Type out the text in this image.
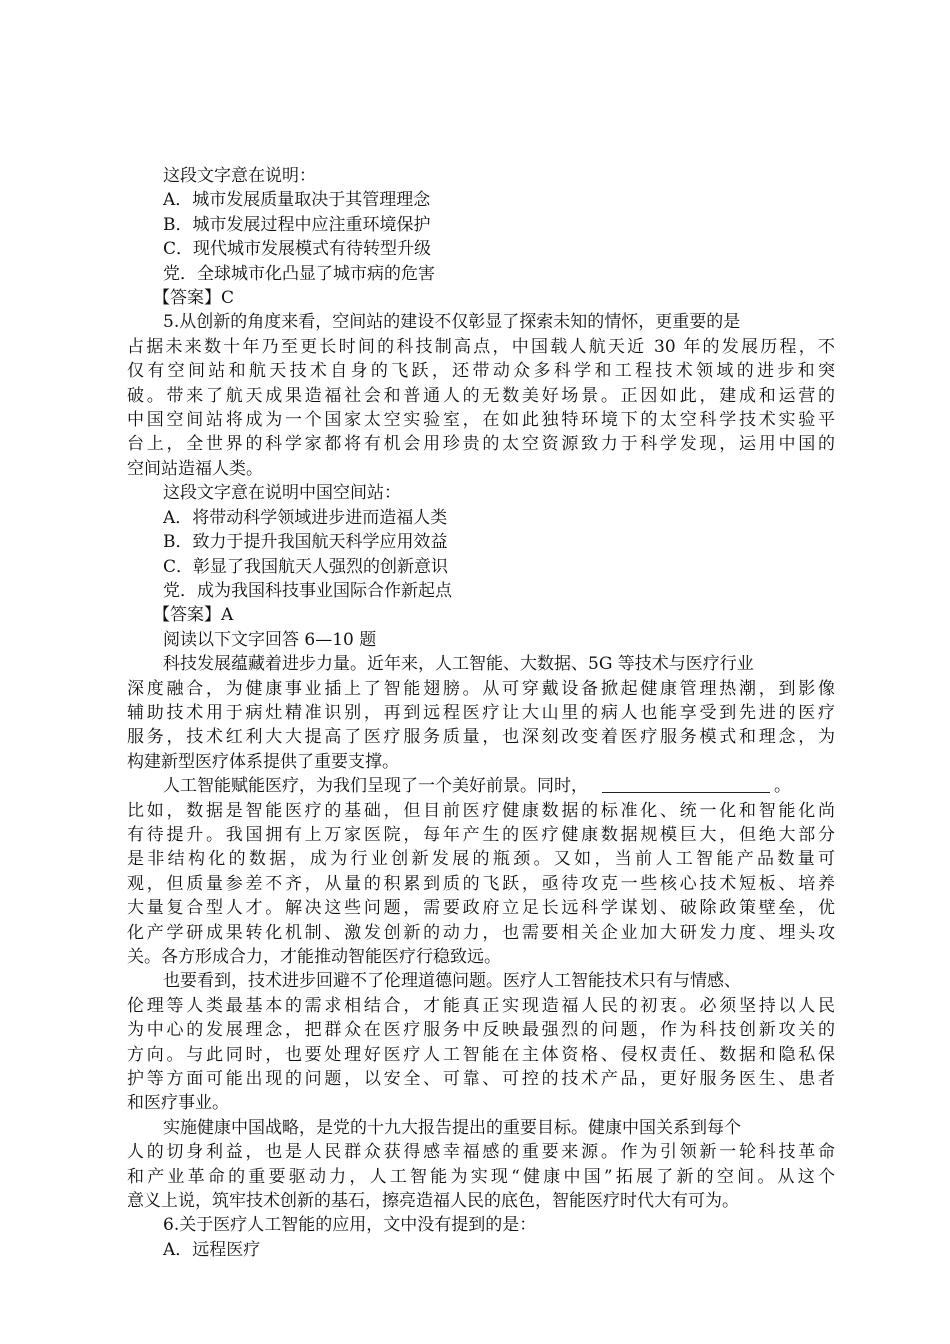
这段文字意在说明：
A．城市发展质量取决于其管理理念
B．城市发展过程中应注重环境保护
C．现代城市发展模式有待转型升级
党．全球城市化凸显了城市病的危害
【答案】C
5.从创新的角度来看，空间站的建设不仅彰显了探索未知的情怀，更重要的是
占据未来数十年乃至更长时间的科技制高点，中国载人航天近 30 年的发展历程，不
仅有空间站和航天技术自身的飞跃，还带动众多科学和工程技术领域的进步和突
破。带来了航天成果造福社会和普通人的无数美好场景。正因如此，建成和运营的
中国空间站将成为一个国家太空实验室，在如此独特环境下的太空科学技术实验平
台上，全世界的科学家都将有机会用珍贵的太空资源致力于科学发现，运用中国的
空间站造福人类。
这段文字意在说明中国空间站：
A．将带动科学领域进步进而造福人类
B．致力于提升我国航天科学应用效益
C．彰显了我国航天人强烈的创新意识
党．成为我国科技事业国际合作新起点
【答案】A
阅读以下文字回答 6—10 题
科技发展蕴藏着进步力量。近年来，人工智能、大数据、5G 等技术与医疗行业
深度融合，为健康事业插上了智能翅膀。从可穿戴设备掀起健康管理热潮，到影像
辅助技术用于病灶精准识别，再到远程医疗让大山里的病人也能享受到先进的医疗
服务，技术红利大大提高了医疗服务质量，也深刻改变着医疗服务模式和理念，为
构建新型医疗体系提供了重要支撑。
人工智能赋能医疗，为我们呈现了一个美好前景。同时，	。
比如，数据是智能医疗的基础，但目前医疗健康数据的标准化、统一化和智能化尚
有待提升。我国拥有上万家医院，每年产生的医疗健康数据规模巨大，但绝大部分
是非结构化的数据，成为行业创新发展的瓶颈。又如，当前人工智能产品数量可
观，但质量参差不齐，从量的积累到质的飞跃，亟待攻克一些核心技术短板、培养
大量复合型人才。解决这些问题，需要政府立足长远科学谋划、破除政策壁垒，优
化产学研成果转化机制、激发创新的动力，也需要相关企业加大研发力度、埋头攻
关。各方形成合力，才能推动智能医疗行稳致远。
也要看到，技术进步回避不了伦理道德问题。医疗人工智能技术只有与情感、
伦理等人类最基本的需求相结合，才能真正实现造福人民的初衷。必须坚持以人民
为中心的发展理念，把群众在医疗服务中反映最强烈的问题，作为科技创新攻关的
方向。与此同时，也要处理好医疗人工智能在主体资格、侵权责任、数据和隐私保
护等方面可能出现的问题，以安全、可靠、可控的技术产品，更好服务医生、患者
和医疗事业。
实施健康中国战略，是党的十九大报告提出的重要目标。健康中国关系到每个
人的切身利益，也是人民群众获得感幸福感的重要来源。作为引领新一轮科技革命
和产业革命的重要驱动力，人工智能为实现“健康中国”拓展了新的空间。从这个
意义上说，筑牢技术创新的基石，擦亮造福人民的底色，智能医疗时代大有可为。
6.关于医疗人工智能的应用，文中没有提到的是：
A．远程医疗
